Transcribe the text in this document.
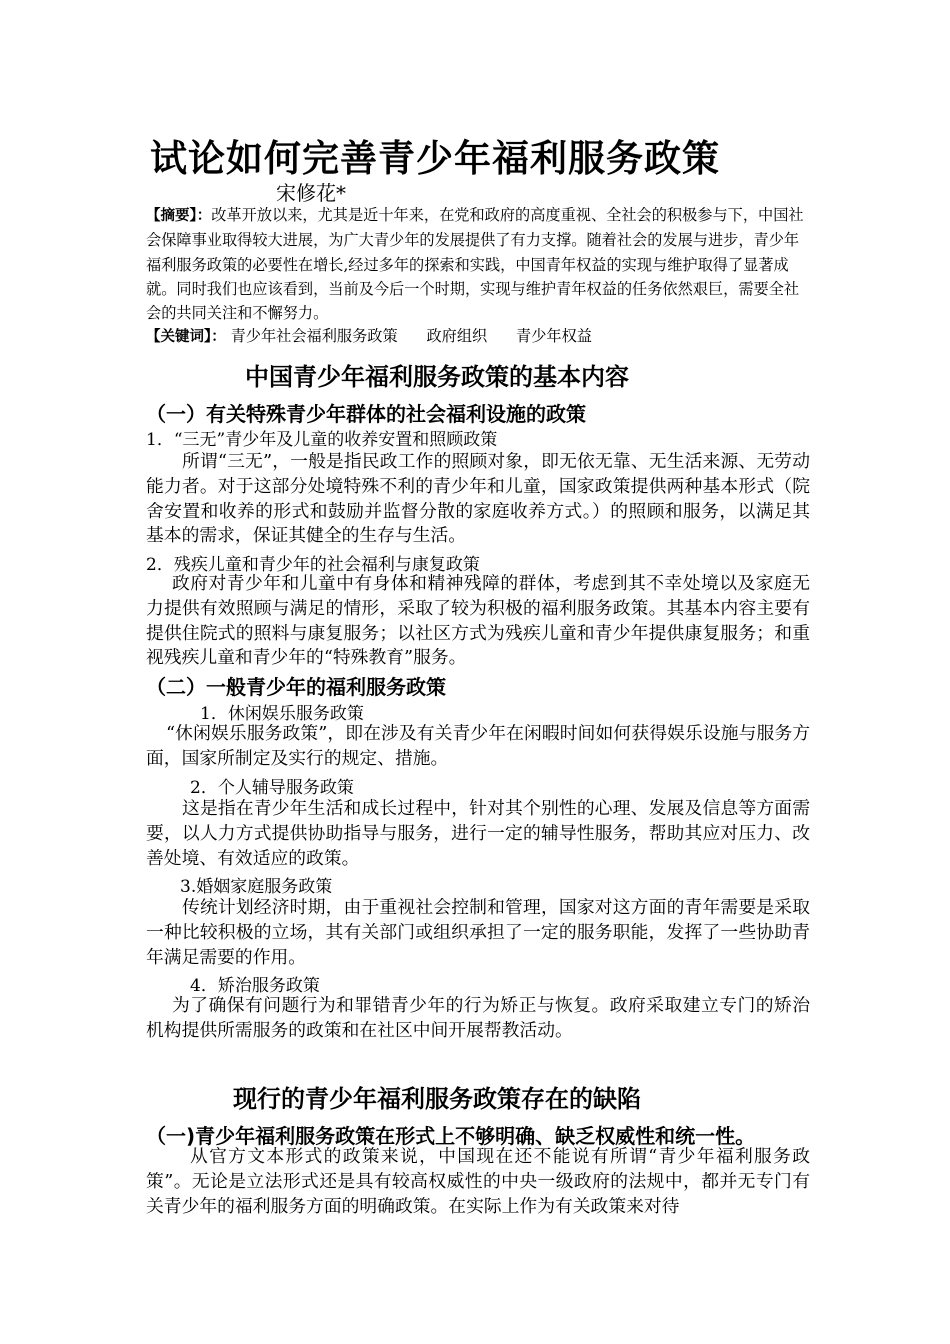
试论如何完善青少年福利服务政策
宋修花*
【摘要】：改革开放以来，尤其是近十年来，在党和政府的高度重视、全社会的积极参与下，中国社会保障事业取得较大进展，为广大青少年的发展提供了有力支撑。随着社会的发展与进步，青少年福利服务政策的必要性在增长,经过多年的探索和实践，中国青年权益的实现与维护取得了显著成就。同时我们也应该看到，当前及今后一个时期，实现与维护青年权益的任务依然艰巨，需要全社会的共同关注和不懈努力。
【关键词】： 青少年社会福利服务政策 政府组织 青少年权益
中国青少年福利服务政策的基本内容
（一）有关特殊青少年群体的社会福利设施的政策
1．“三无”青少年及儿童的收养安置和照顾政策
所谓“三无”，一般是指民政工作的照顾对象，即无依无靠、无生活来源、无劳动能力者。对于这部分处境特殊不利的青少年和儿童，国家政策提供两种基本形式（院舍安置和收养的形式和鼓励并监督分散的家庭收养方式。）的照顾和服务，以满足其基本的需求，保证其健全的生存与生活。
2．残疾儿童和青少年的社会福利与康复政策
政府对青少年和儿童中有身体和精神残障的群体，考虑到其不幸处境以及家庭无力提供有效照顾与满足的情形，采取了较为积极的福利服务政策。其基本内容主要有提供住院式的照料与康复服务；以社区方式为残疾儿童和青少年提供康复服务；和重视残疾儿童和青少年的“特殊教育”服务。
（二）一般青少年的福利服务政策
1．休闲娱乐服务政策
“休闲娱乐服务政策”，即在涉及有关青少年在闲暇时间如何获得娱乐设施与服务方面，国家所制定及实行的规定、措施。
2．个人辅导服务政策
这是指在青少年生活和成长过程中，针对其个别性的心理、发展及信息等方面需要，以人力方式提供协助指导与服务，进行一定的辅导性服务，帮助其应对压力、改善处境、有效适应的政策。
3.婚姻家庭服务政策
传统计划经济时期，由于重视社会控制和管理，国家对这方面的青年需要是采取一种比较积极的立场，其有关部门或组织承担了一定的服务职能，发挥了一些协助青年满足需要的作用。
4．矫治服务政策
为了确保有问题行为和罪错青少年的行为矫正与恢复。政府采取建立专门的矫治机构提供所需服务的政策和在社区中间开展帮教活动。
现行的青少年福利服务政策存在的缺陷
（一)青少年福利服务政策在形式上不够明确、缺乏权威性和统一性。
从官方文本形式的政策来说，中国现在还不能说有所谓“青少年福利服务政策”。无论是立法形式还是具有较高权威性的中央一级政府的法规中，都并无专门有关青少年的福利服务方面的明确政策。在实际上作为有关政策来对待
